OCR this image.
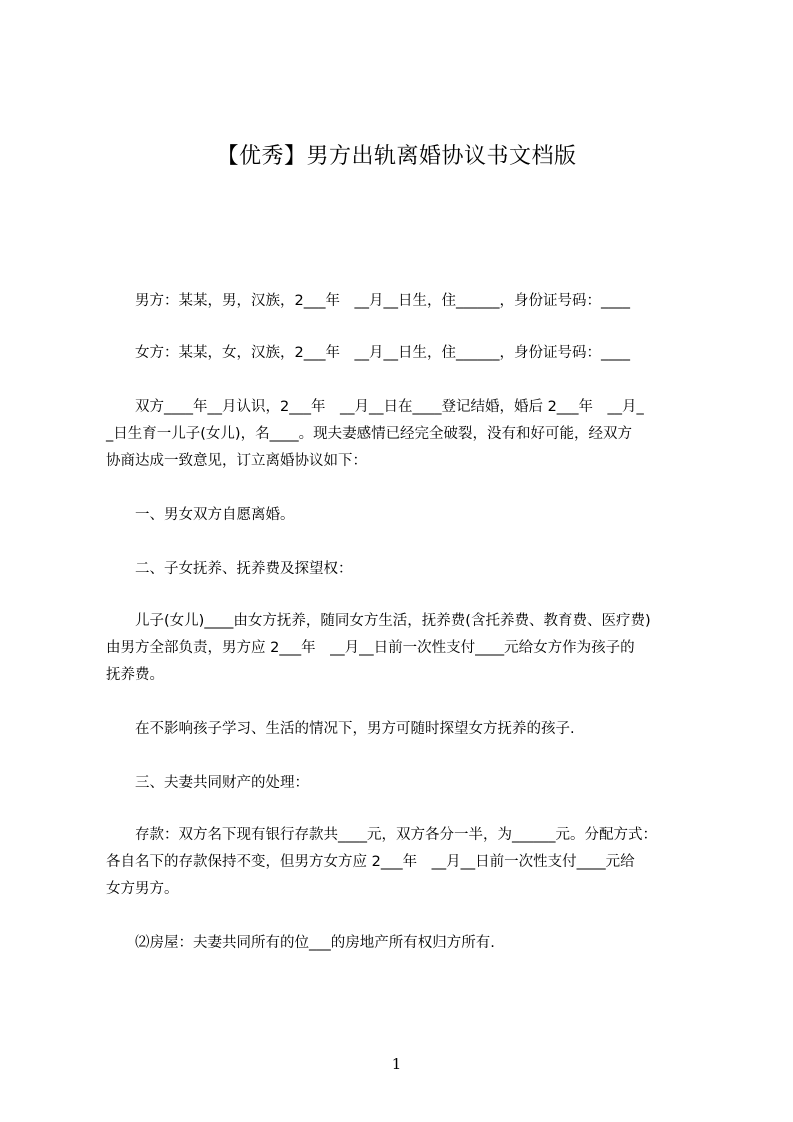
【优秀】男方出轨离婚协议书文档版

　　男方：某某，男，汉族，2___年　__月__日生，住______，身份证号码：____

　　女方：某某，女，汉族，2___年　__月__日生，住______，身份证号码：____

　　双方____年__月认识，2___年　__月__日在____登记结婚，婚后 2___年　__月_
_日生育一儿子(女儿)，名____。现夫妻感情已经完全破裂，没有和好可能，经双方
协商达成一致意见，订立离婚协议如下：

　　一、男女双方自愿离婚。

　　二、子女抚养、抚养费及探望权：

　　儿子(女儿)____由女方抚养，随同女方生活，抚养费(含托养费、教育费、医疗费)
由男方全部负责，男方应 2___年　__月__日前一次性支付____元给女方作为孩子的
抚养费。

　　在不影响孩子学习、生活的情况下，男方可随时探望女方抚养的孩子.

　　三、夫妻共同财产的处理：

　　存款：双方名下现有银行存款共____元，双方各分一半，为______元。分配方式：
各自名下的存款保持不变，但男方女方应 2___年　__月__日前一次性支付____元给
女方男方。

　　⑵房屋：夫妻共同所有的位___的房地产所有权归方所有.

1
